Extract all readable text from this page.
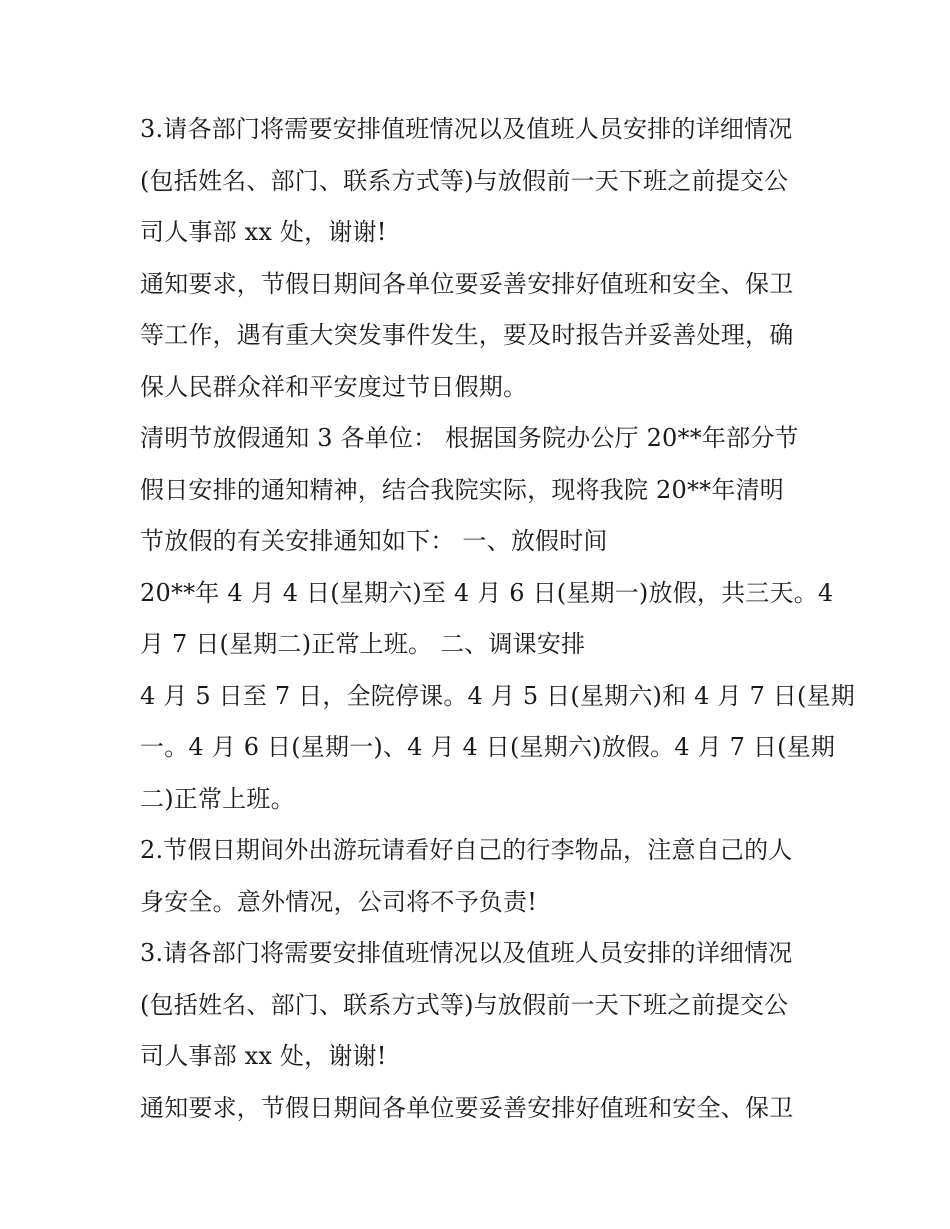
3.请各部门将需要安排值班情况以及值班人员安排的详细情况
(包括姓名、部门、联系方式等)与放假前一天下班之前提交公
司人事部 xx 处，谢谢!
通知要求，节假日期间各单位要妥善安排好值班和安全、保卫
等工作，遇有重大突发事件发生，要及时报告并妥善处理，确
保人民群众祥和平安度过节日假期。
清明节放假通知 3 各单位： 根据国务院办公厅 20**年部分节
假日安排的通知精神，结合我院实际，现将我院 20**年清明
节放假的有关安排通知如下： 一、放假时间
20**年 4 月 4 日(星期六)至 4 月 6 日(星期一)放假，共三天。4
月 7 日(星期二)正常上班。 二、调课安排
4 月 5 日至 7 日，全院停课。4 月 5 日(星期六)和 4 月 7 日(星期
一。4 月 6 日(星期一)、4 月 4 日(星期六)放假。4 月 7 日(星期
二)正常上班。
2.节假日期间外出游玩请看好自己的行李物品，注意自己的人
身安全。意外情况，公司将不予负责!
3.请各部门将需要安排值班情况以及值班人员安排的详细情况
(包括姓名、部门、联系方式等)与放假前一天下班之前提交公
司人事部 xx 处，谢谢!
通知要求，节假日期间各单位要妥善安排好值班和安全、保卫
